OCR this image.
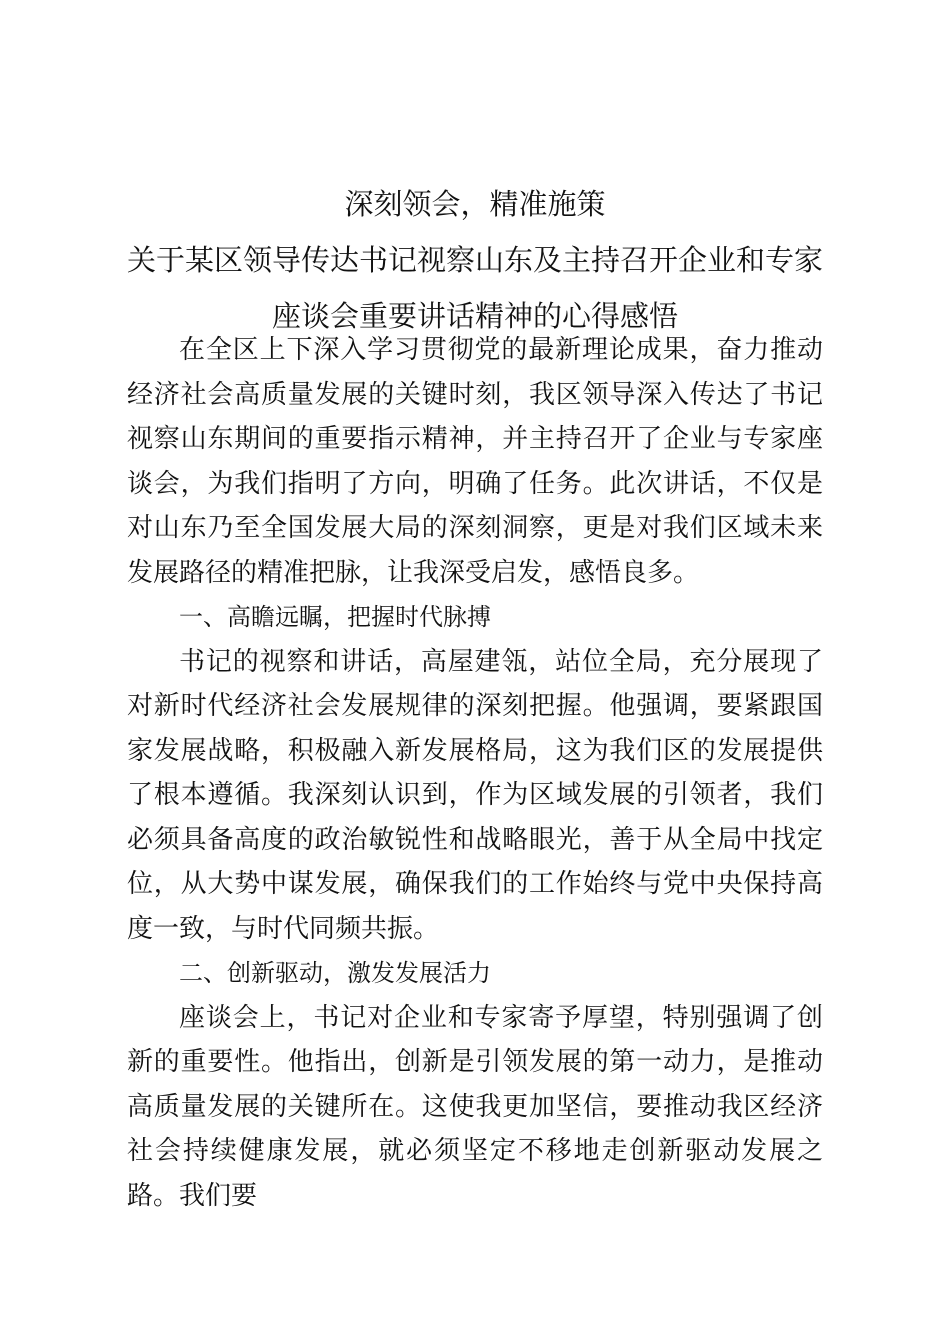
深刻领会，精准施策
关于某区领导传达书记视察山东及主持召开企业和专家
座谈会重要讲话精神的心得感悟

在全区上下深入学习贯彻党的最新理论成果，奋力推动经济社会高质量发展的关键时刻，我区领导深入传达了书记视察山东期间的重要指示精神，并主持召开了企业与专家座谈会，为我们指明了方向，明确了任务。此次讲话，不仅是对山东乃至全国发展大局的深刻洞察，更是对我们区域未来发展路径的精准把脉，让我深受启发，感悟良多。

一、高瞻远瞩，把握时代脉搏

书记的视察和讲话，高屋建瓴，站位全局，充分展现了对新时代经济社会发展规律的深刻把握。他强调，要紧跟国家发展战略，积极融入新发展格局，这为我们区的发展提供了根本遵循。我深刻认识到，作为区域发展的引领者，我们必须具备高度的政治敏锐性和战略眼光，善于从全局中找定位，从大势中谋发展，确保我们的工作始终与党中央保持高度一致，与时代同频共振。

二、创新驱动，激发发展活力

座谈会上，书记对企业和专家寄予厚望，特别强调了创新的重要性。他指出，创新是引领发展的第一动力，是推动高质量发展的关键所在。这使我更加坚信，要推动我区经济社会持续健康发展，就必须坚定不移地走创新驱动发展之路。我们要
